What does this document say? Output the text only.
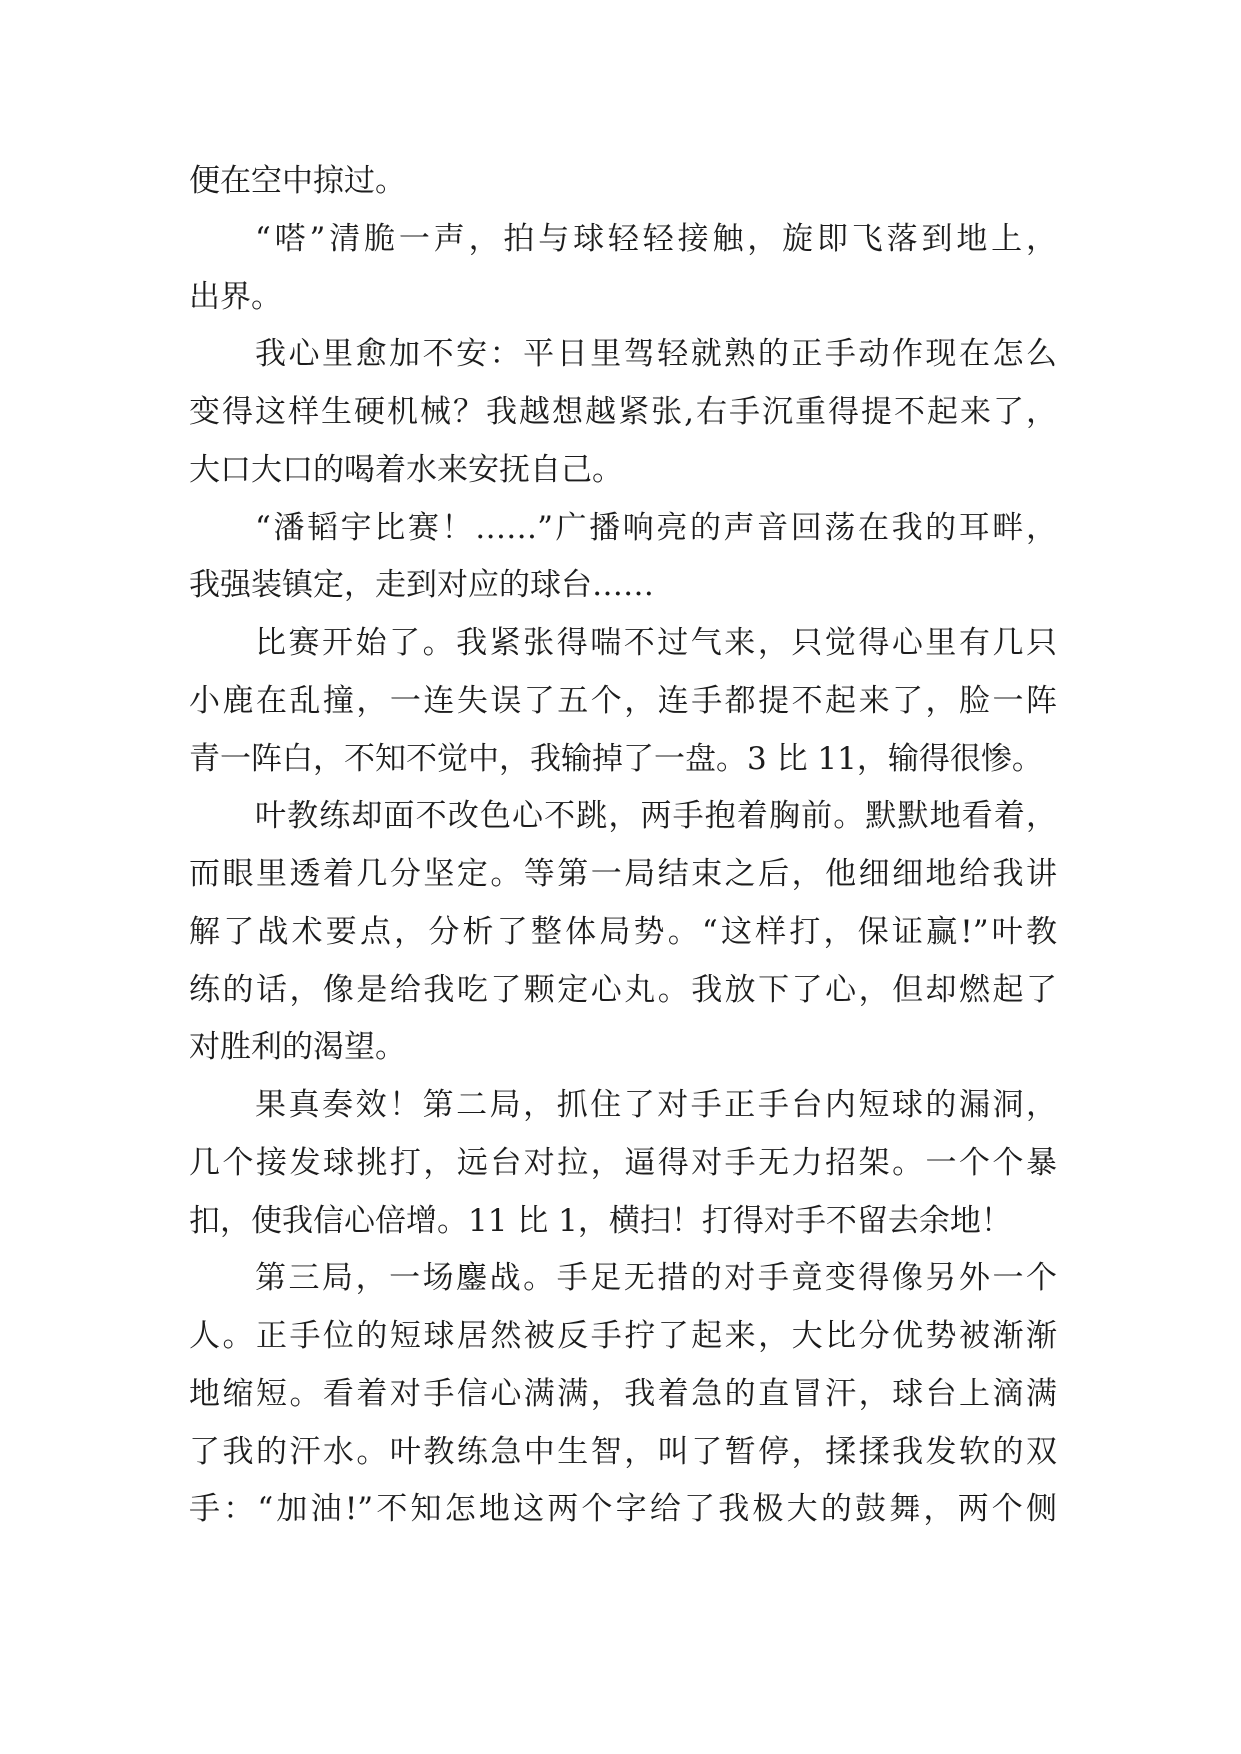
便在空中掠过。
“嗒”清脆一声，拍与球轻轻接触，旋即飞落到地上，
出界。
我心里愈加不安：平日里驾轻就熟的正手动作现在怎么
变得这样生硬机械？我越想越紧张,右手沉重得提不起来了，
大口大口的喝着水来安抚自己。
“潘韬宇比赛！……”广播响亮的声音回荡在我的耳畔，
我强装镇定，走到对应的球台……
比赛开始了。我紧张得喘不过气来，只觉得心里有几只
小鹿在乱撞，一连失误了五个，连手都提不起来了，脸一阵
青一阵白，不知不觉中，我输掉了一盘。3 比 11，输得很惨。
叶教练却面不改色心不跳，两手抱着胸前。默默地看着，
而眼里透着几分坚定。等第一局结束之后，他细细地给我讲
解了战术要点，分析了整体局势。“这样打，保证赢!”叶教
练的话，像是给我吃了颗定心丸。我放下了心，但却燃起了
对胜利的渴望。
果真奏效！第二局，抓住了对手正手台内短球的漏洞，
几个接发球挑打，远台对拉，逼得对手无力招架。一个个暴
扣，使我信心倍增。11 比 1，横扫！打得对手不留去余地！
第三局，一场鏖战。手足无措的对手竟变得像另外一个
人。正手位的短球居然被反手拧了起来，大比分优势被渐渐
地缩短。看着对手信心满满，我着急的直冒汗，球台上滴满
了我的汗水。叶教练急中生智，叫了暂停，揉揉我发软的双
手：“加油!”不知怎地这两个字给了我极大的鼓舞，两个侧
